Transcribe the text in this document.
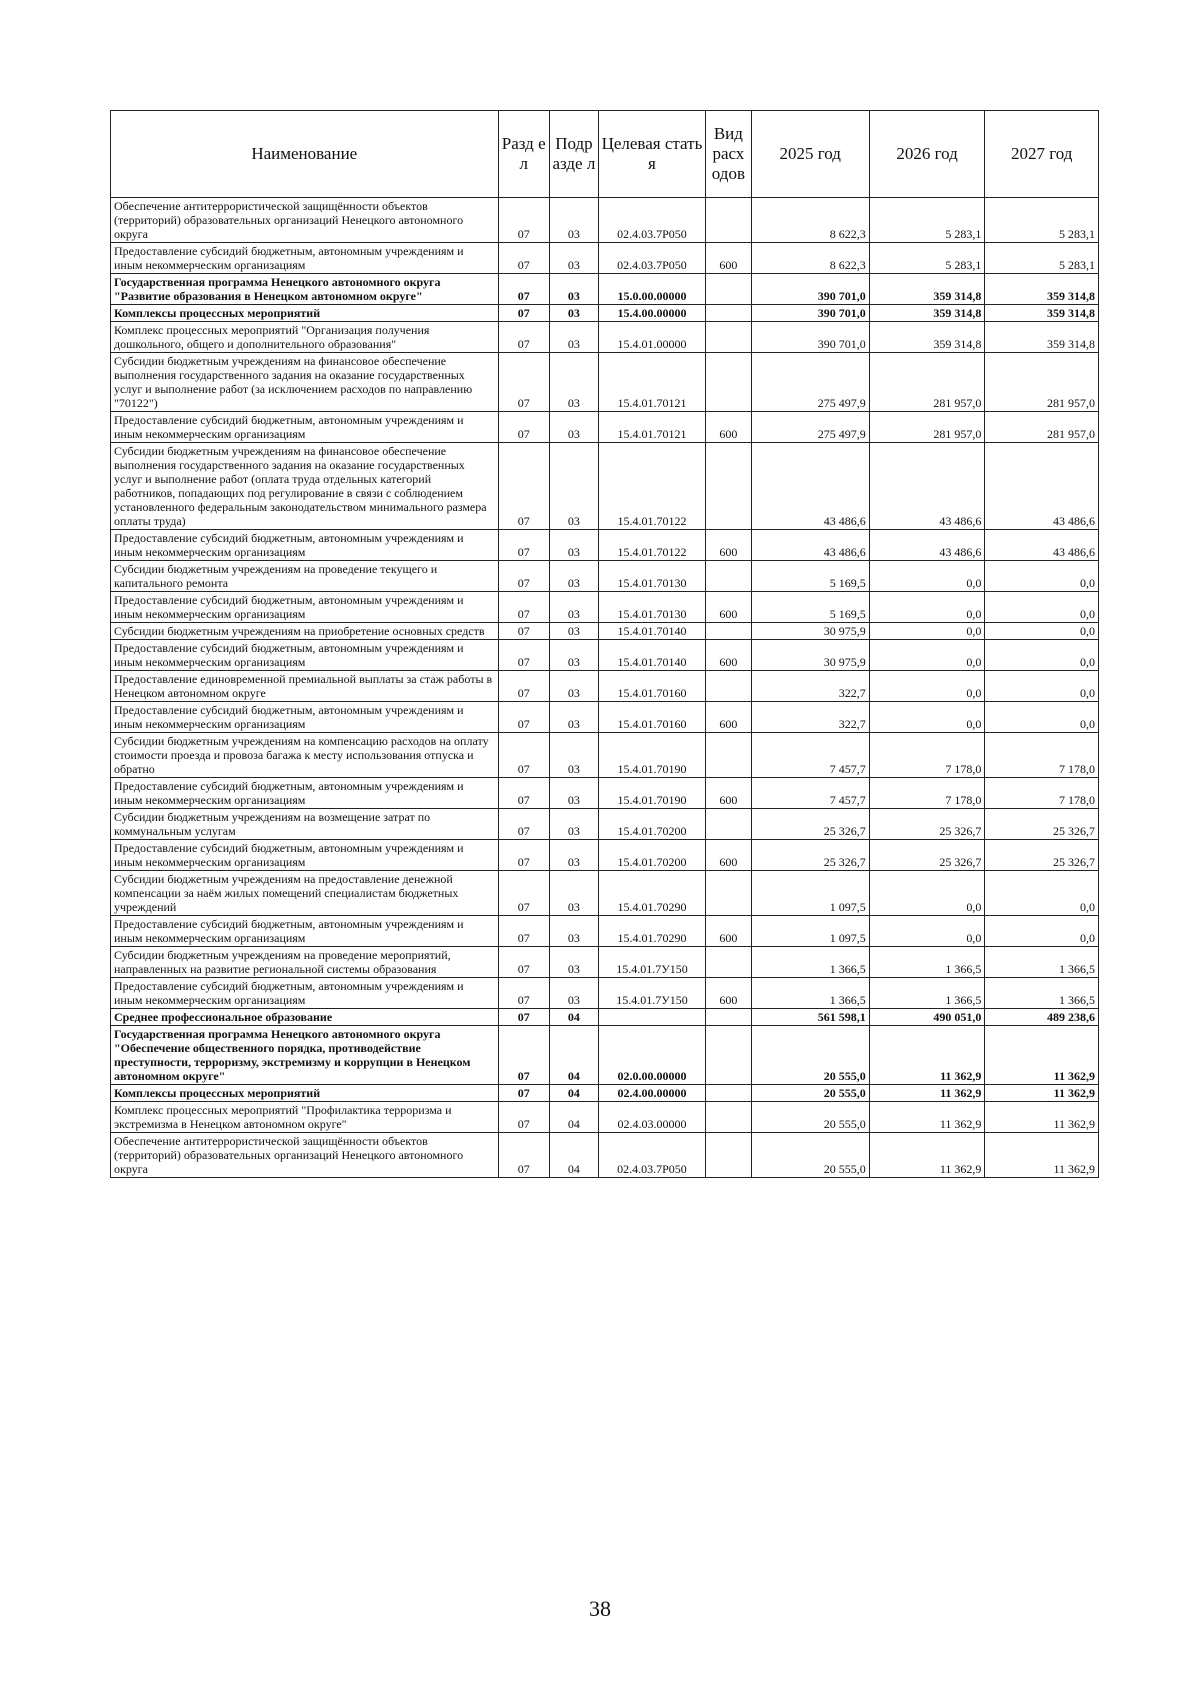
Наименование	Разд ел	Подр азде л	Целевая статья	Вид расх одов	2025 год	2026 год	2027 год
Обеспечение антитеррористической защищённости объектов (территорий) образовательных организаций Ненецкого автономного округа	07	03	02.4.03.7Р050		8 622,3	5 283,1	5 283,1
Предоставление субсидий бюджетным, автономным учреждениям и иным некоммерческим организациям	07	03	02.4.03.7Р050	600	8 622,3	5 283,1	5 283,1
Государственная программа Ненецкого автономного округа "Развитие образования в Ненецком автономном округе"	07	03	15.0.00.00000		390 701,0	359 314,8	359 314,8
Комплексы процессных мероприятий	07	03	15.4.00.00000		390 701,0	359 314,8	359 314,8
Комплекс процессных мероприятий "Организация получения дошкольного, общего и дополнительного образования"	07	03	15.4.01.00000		390 701,0	359 314,8	359 314,8
Субсидии бюджетным учреждениям на финансовое обеспечение выполнения государственного задания на оказание государственных услуг и выполнение работ (за исключением расходов по направлению "70122")	07	03	15.4.01.70121		275 497,9	281 957,0	281 957,0
Предоставление субсидий бюджетным, автономным учреждениям и иным некоммерческим организациям	07	03	15.4.01.70121	600	275 497,9	281 957,0	281 957,0
Субсидии бюджетным учреждениям на финансовое обеспечение выполнения государственного задания на оказание государственных услуг и выполнение работ (оплата труда отдельных категорий работников, попадающих под регулирование в связи с соблюдением установленного федеральным законодательством минимального размера оплаты труда)	07	03	15.4.01.70122		43 486,6	43 486,6	43 486,6
Предоставление субсидий бюджетным, автономным учреждениям и иным некоммерческим организациям	07	03	15.4.01.70122	600	43 486,6	43 486,6	43 486,6
Субсидии бюджетным учреждениям на проведение текущего и капитального ремонта	07	03	15.4.01.70130		5 169,5	0,0	0,0
Предоставление субсидий бюджетным, автономным учреждениям и иным некоммерческим организациям	07	03	15.4.01.70130	600	5 169,5	0,0	0,0
Субсидии бюджетным учреждениям на приобретение основных средств	07	03	15.4.01.70140		30 975,9	0,0	0,0
Предоставление субсидий бюджетным, автономным учреждениям и иным некоммерческим организациям	07	03	15.4.01.70140	600	30 975,9	0,0	0,0
Предоставление единовременной премиальной выплаты за стаж работы в Ненецком автономном округе	07	03	15.4.01.70160		322,7	0,0	0,0
Предоставление субсидий бюджетным, автономным учреждениям и иным некоммерческим организациям	07	03	15.4.01.70160	600	322,7	0,0	0,0
Субсидии бюджетным учреждениям на компенсацию расходов на оплату стоимости проезда и провоза багажа к месту использования отпуска и обратно	07	03	15.4.01.70190		7 457,7	7 178,0	7 178,0
Предоставление субсидий бюджетным, автономным учреждениям и иным некоммерческим организациям	07	03	15.4.01.70190	600	7 457,7	7 178,0	7 178,0
Субсидии бюджетным учреждениям на возмещение затрат по коммунальным услугам	07	03	15.4.01.70200		25 326,7	25 326,7	25 326,7
Предоставление субсидий бюджетным, автономным учреждениям и иным некоммерческим организациям	07	03	15.4.01.70200	600	25 326,7	25 326,7	25 326,7
Субсидии бюджетным учреждениям на предоставление денежной компенсации за наём жилых помещений специалистам бюджетных учреждений	07	03	15.4.01.70290		1 097,5	0,0	0,0
Предоставление субсидий бюджетным, автономным учреждениям и иным некоммерческим организациям	07	03	15.4.01.70290	600	1 097,5	0,0	0,0
Субсидии бюджетным учреждениям на проведение мероприятий, направленных на развитие региональной системы образования	07	03	15.4.01.7У150		1 366,5	1 366,5	1 366,5
Предоставление субсидий бюджетным, автономным учреждениям и иным некоммерческим организациям	07	03	15.4.01.7У150	600	1 366,5	1 366,5	1 366,5
Среднее профессиональное образование	07	04			561 598,1	490 051,0	489 238,6
Государственная программа Ненецкого автономного округа "Обеспечение общественного порядка, противодействие преступности, терроризму, экстремизму и коррупции в Ненецком автономном округе"	07	04	02.0.00.00000		20 555,0	11 362,9	11 362,9
Комплексы процессных мероприятий	07	04	02.4.00.00000		20 555,0	11 362,9	11 362,9
Комплекс процессных мероприятий "Профилактика терроризма и экстремизма в Ненецком автономном округе"	07	04	02.4.03.00000		20 555,0	11 362,9	11 362,9
Обеспечение антитеррористической защищённости объектов (территорий) образовательных организаций Ненецкого автономного округа	07	04	02.4.03.7Р050		20 555,0	11 362,9	11 362,9
38
